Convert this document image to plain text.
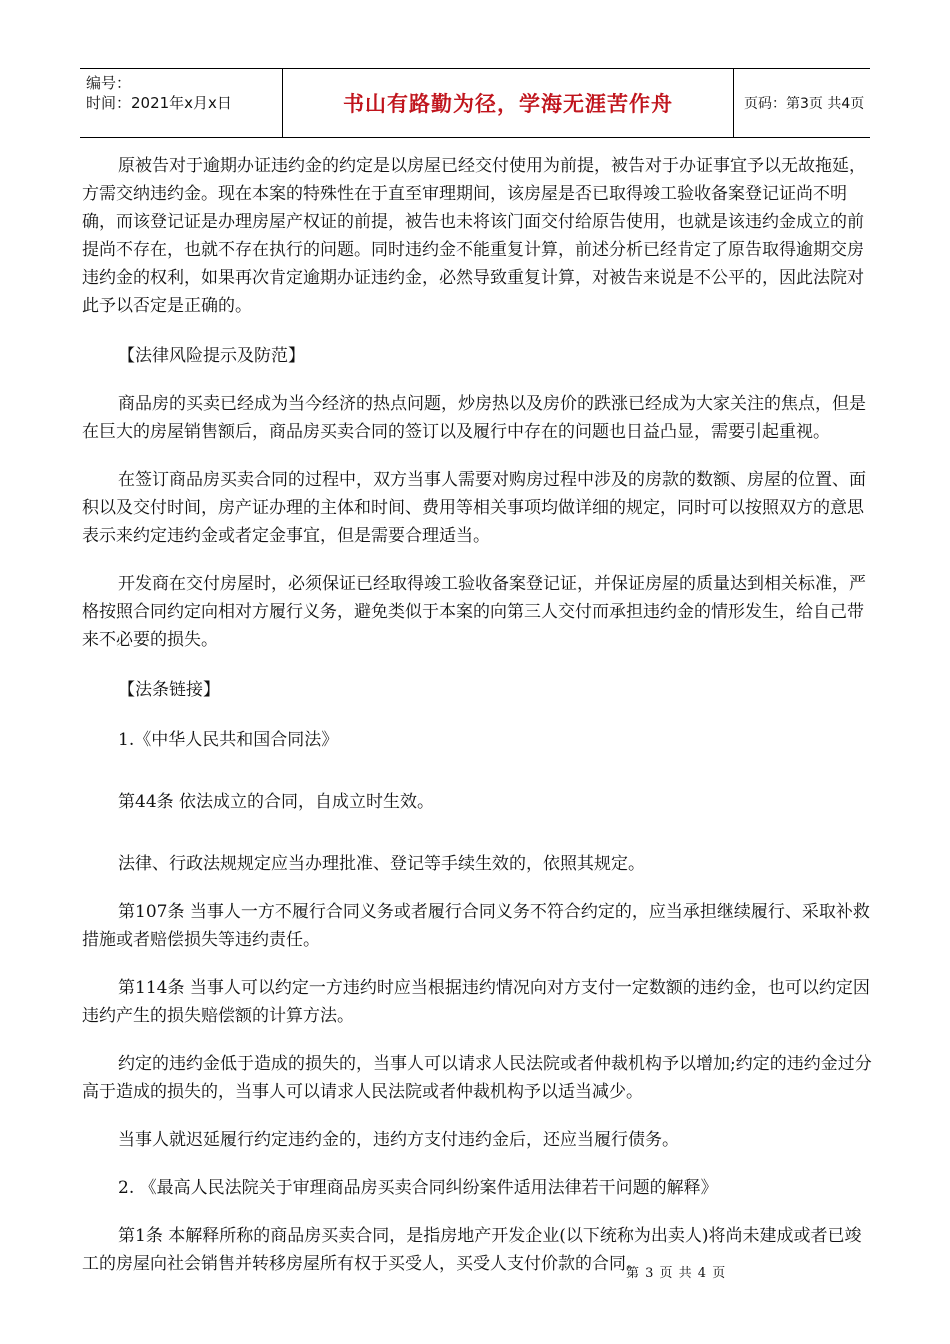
编号：
时间：2021年x月x日	书山有路勤为径，学海无涯苦作舟	页码：第3页 共4页

原被告对于逾期办证违约金的约定是以房屋已经交付使用为前提，被告对于办证事宜予以无故拖延，方需交纳违约金。现在本案的特殊性在于直至审理期间，该房屋是否已取得竣工验收备案登记证尚不明确，而该登记证是办理房屋产权证的前提，被告也未将该门面交付给原告使用，也就是该违约金成立的前提尚不存在，也就不存在执行的问题。同时违约金不能重复计算，前述分析已经肯定了原告取得逾期交房违约金的权利，如果再次肯定逾期办证违约金，必然导致重复计算，对被告来说是不公平的，因此法院对此予以否定是正确的。

【法律风险提示及防范】

商品房的买卖已经成为当今经济的热点问题，炒房热以及房价的跌涨已经成为大家关注的焦点，但是在巨大的房屋销售额后，商品房买卖合同的签订以及履行中存在的问题也日益凸显，需要引起重视。

在签订商品房买卖合同的过程中，双方当事人需要对购房过程中涉及的房款的数额、房屋的位置、面积以及交付时间，房产证办理的主体和时间、费用等相关事项均做详细的规定，同时可以按照双方的意思表示来约定违约金或者定金事宜，但是需要合理适当。

开发商在交付房屋时，必须保证已经取得竣工验收备案登记证，并保证房屋的质量达到相关标准，严格按照合同约定向相对方履行义务，避免类似于本案的向第三人交付而承担违约金的情形发生，给自己带来不必要的损失。

【法条链接】

1.《中华人民共和国合同法》

第44条 依法成立的合同，自成立时生效。

法律、行政法规规定应当办理批准、登记等手续生效的，依照其规定。

第107条 当事人一方不履行合同义务或者履行合同义务不符合约定的，应当承担继续履行、采取补救措施或者赔偿损失等违约责任。

第114条 当事人可以约定一方违约时应当根据违约情况向对方支付一定数额的违约金，也可以约定因违约产生的损失赔偿额的计算方法。

约定的违约金低于造成的损失的，当事人可以请求人民法院或者仲裁机构予以增加;约定的违约金过分高于造成的损失的，当事人可以请求人民法院或者仲裁机构予以适当减少。

当事人就迟延履行约定违约金的，违约方支付违约金后，还应当履行债务。

2. 《最高人民法院关于审理商品房买卖合同纠纷案件适用法律若干问题的解释》

第1条 本解释所称的商品房买卖合同，是指房地产开发企业(以下统称为出卖人)将尚未建成或者已竣工的房屋向社会销售并转移房屋所有权于买受人，买受人支付价款的合同。

第 3 页 共 4 页
